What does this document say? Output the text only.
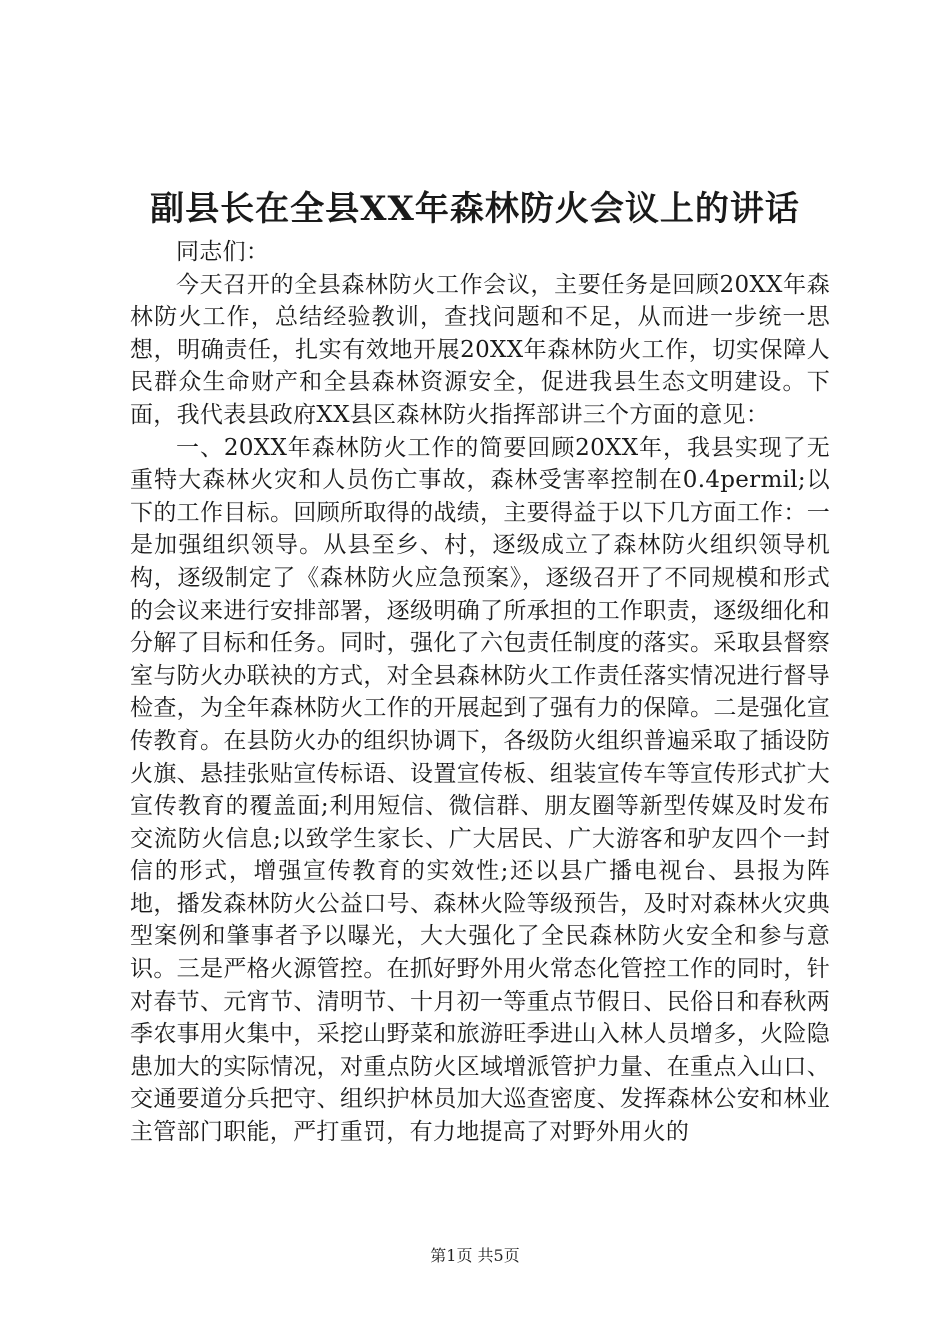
副县长在全县XX年森林防火会议上的讲话

同志们：

今天召开的全县森林防火工作会议，主要任务是回顾20XX年森林防火工作，总结经验教训，查找问题和不足，从而进一步统一思想，明确责任，扎实有效地开展20XX年森林防火工作，切实保障人民群众生命财产和全县森林资源安全，促进我县生态文明建设。下面，我代表县政府XX县区森林防火指挥部讲三个方面的意见：

一、20XX年森林防火工作的简要回顾20XX年，我县实现了无重特大森林火灾和人员伤亡事故，森林受害率控制在0.4permil;以下的工作目标。回顾所取得的战绩，主要得益于以下几方面工作：一是加强组织领导。从县至乡、村，逐级成立了森林防火组织领导机构，逐级制定了《森林防火应急预案》，逐级召开了不同规模和形式的会议来进行安排部署，逐级明确了所承担的工作职责，逐级细化和分解了目标和任务。同时，强化了六包责任制度的落实。采取县督察室与防火办联袂的方式，对全县森林防火工作责任落实情况进行督导检查，为全年森林防火工作的开展起到了强有力的保障。二是强化宣传教育。在县防火办的组织协调下，各级防火组织普遍采取了插设防火旗、悬挂张贴宣传标语、设置宣传板、组装宣传车等宣传形式扩大宣传教育的覆盖面;利用短信、微信群、朋友圈等新型传媒及时发布交流防火信息;以致学生家长、广大居民、广大游客和驴友四个一封信的形式，增强宣传教育的实效性;还以县广播电视台、县报为阵地，播发森林防火公益口号、森林火险等级预告，及时对森林火灾典型案例和肇事者予以曝光，大大强化了全民森林防火安全和参与意识。三是严格火源管控。在抓好野外用火常态化管控工作的同时，针对春节、元宵节、清明节、十月初一等重点节假日、民俗日和春秋两季农事用火集中，采挖山野菜和旅游旺季进山入林人员增多，火险隐患加大的实际情况，对重点防火区域增派管护力量、在重点入山口、交通要道分兵把守、组织护林员加大巡查密度、发挥森林公安和林业主管部门职能，严打重罚，有力地提高了对野外用火的

第1页 共5页
